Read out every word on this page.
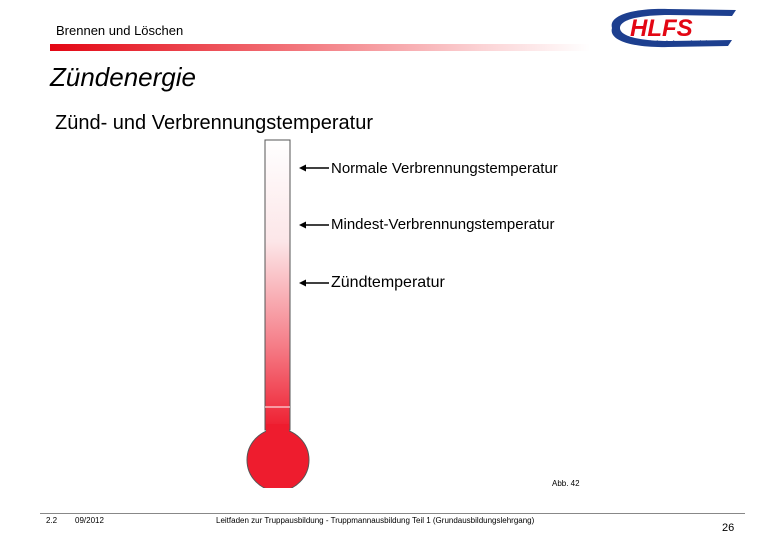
Brennen und Löschen	HLFS
Hessische Landesfeuerwehrschule
Zündenergie
Zünd- und Verbrennungstemperatur
Normale Verbrennungstemperatur
Mindest-Verbrennungstemperatur
Zündtemperatur
Abb. 42
2.2 09/2012	Leitfaden zur Truppausbildung - Truppmannausbildung Teil 1 (Grundausbildungslehrgang)
26
